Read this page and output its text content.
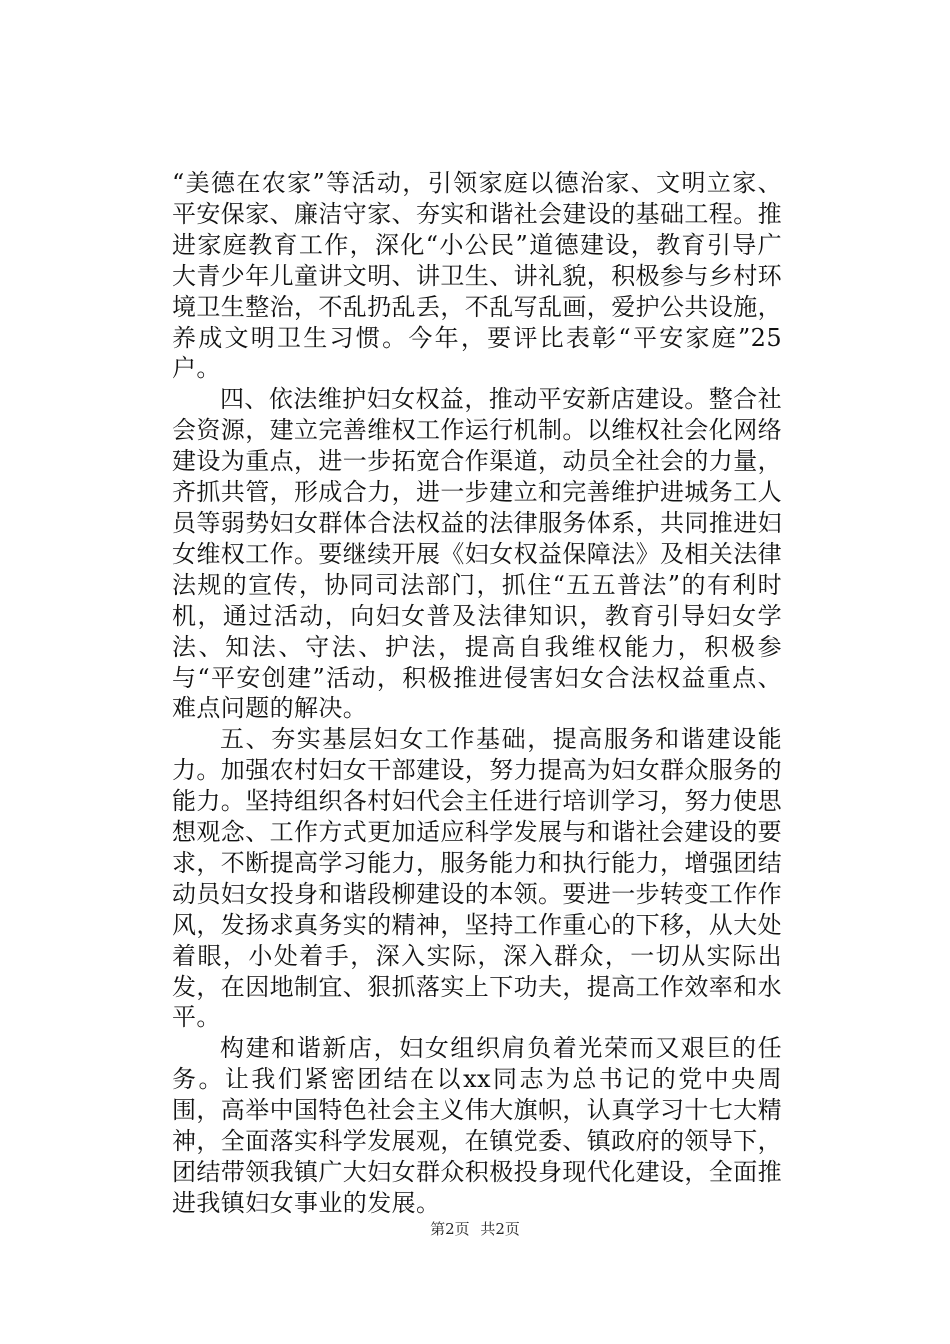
“美德在农家”等活动，引领家庭以德治家、文明立家、平安保家、廉洁守家、夯实和谐社会建设的基础工程。推进家庭教育工作，深化“小公民”道德建设，教育引导广大青少年儿童讲文明、讲卫生、讲礼貌，积极参与乡村环境卫生整治，不乱扔乱丢，不乱写乱画，爱护公共设施，养成文明卫生习惯。今年，要评比表彰“平安家庭”25户。

四、依法维护妇女权益，推动平安新店建设。整合社会资源，建立完善维权工作运行机制。以维权社会化网络建设为重点，进一步拓宽合作渠道，动员全社会的力量，齐抓共管，形成合力，进一步建立和完善维护进城务工人员等弱势妇女群体合法权益的法律服务体系，共同推进妇女维权工作。要继续开展《妇女权益保障法》及相关法律法规的宣传，协同司法部门，抓住“五五普法”的有利时机，通过活动，向妇女普及法律知识，教育引导妇女学法、知法、守法、护法，提高自我维权能力，积极参与“平安创建”活动，积极推进侵害妇女合法权益重点、难点问题的解决。

五、夯实基层妇女工作基础，提高服务和谐建设能力。加强农村妇女干部建设，努力提高为妇女群众服务的能力。坚持组织各村妇代会主任进行培训学习，努力使思想观念、工作方式更加适应科学发展与和谐社会建设的要求，不断提高学习能力，服务能力和执行能力，增强团结动员妇女投身和谐段柳建设的本领。要进一步转变工作作风，发扬求真务实的精神，坚持工作重心的下移，从大处着眼，小处着手，深入实际，深入群众，一切从实际出发，在因地制宜、狠抓落实上下功夫，提高工作效率和水平。

构建和谐新店，妇女组织肩负着光荣而又艰巨的任务。让我们紧密团结在以xx同志为总书记的党中央周围，高举中国特色社会主义伟大旗帜，认真学习十七大精神，全面落实科学发展观，在镇党委、镇政府的领导下，团结带领我镇广大妇女群众积极投身现代化建设，全面推进我镇妇女事业的发展。

第2页 共2页
